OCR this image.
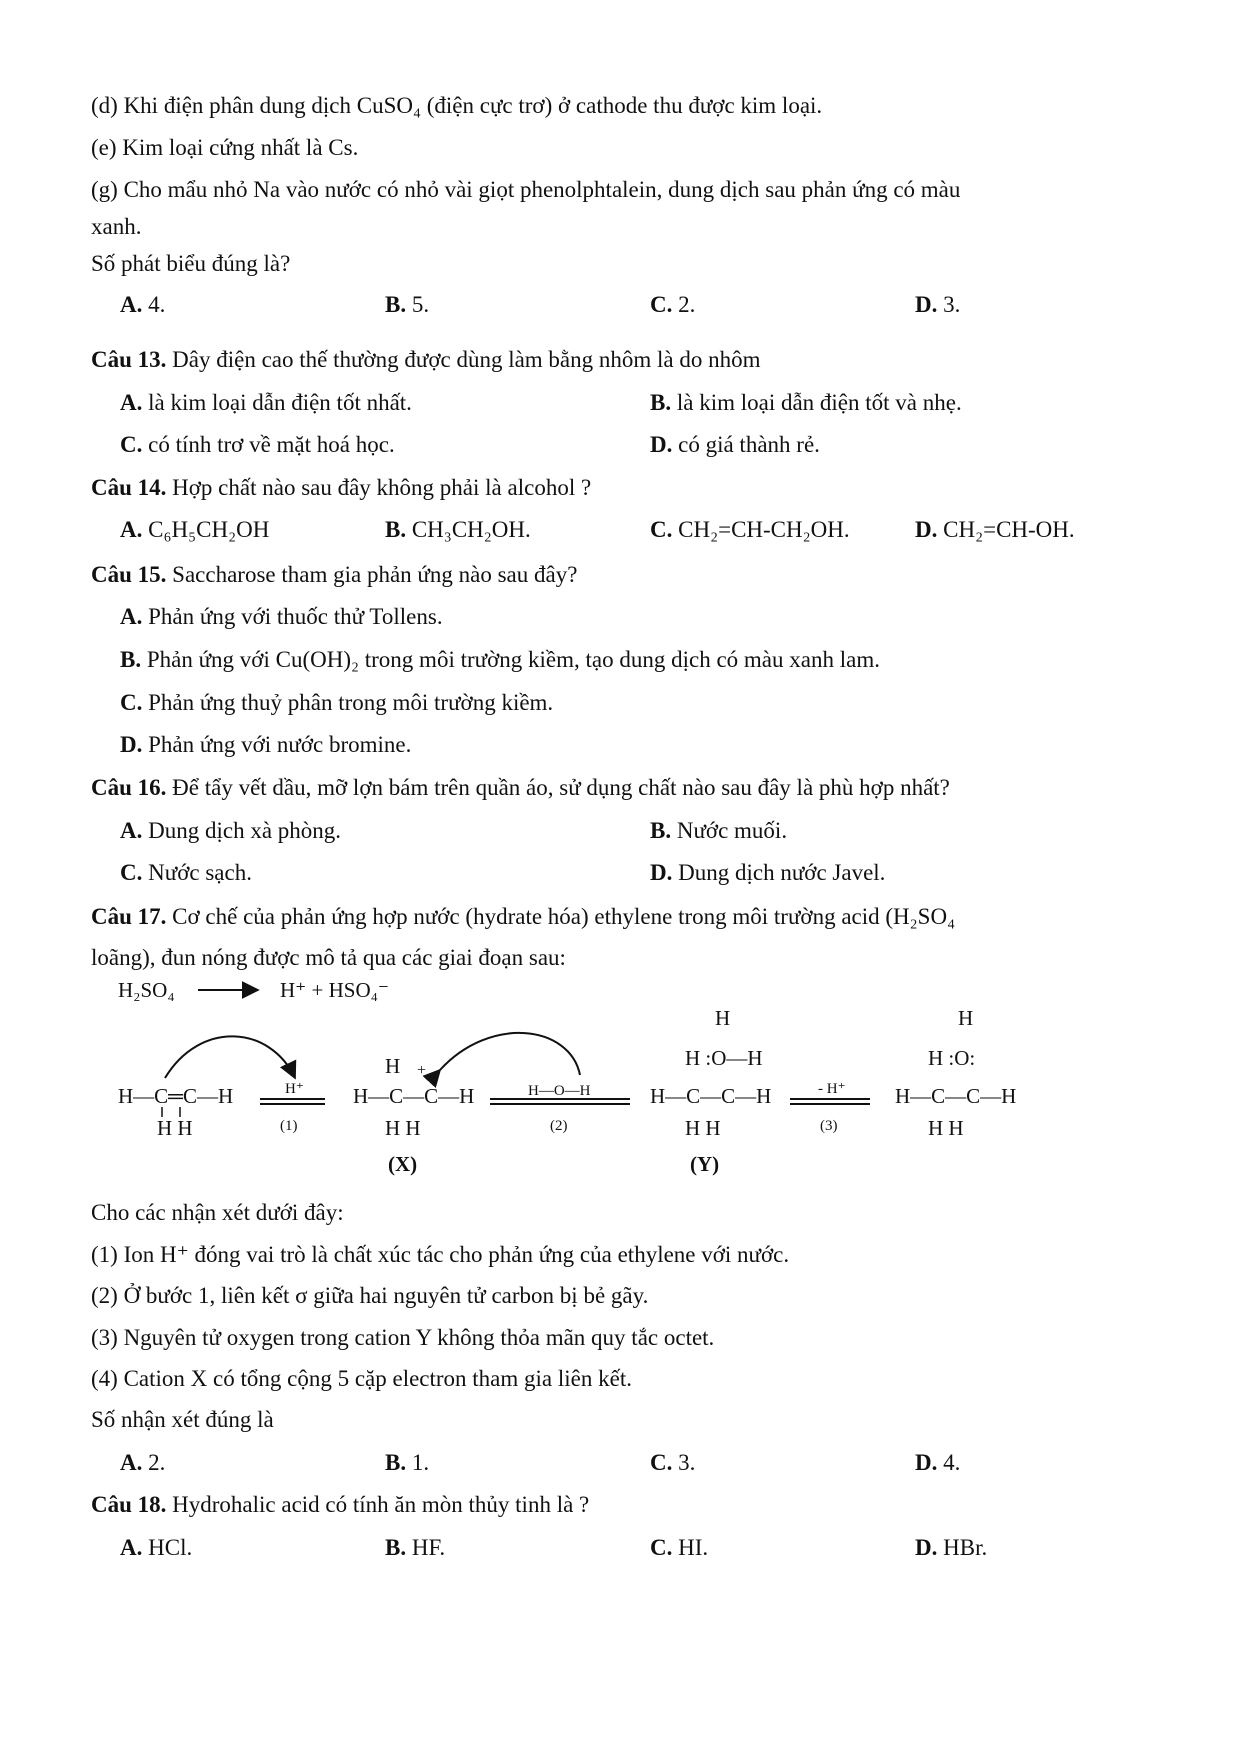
(d) Khi điện phân dung dịch CuSO₄ (điện cực trơ) ở cathode thu được kim loại.
(e) Kim loại cứng nhất là Cs.
(g) Cho mẩu nhỏ Na vào nước có nhỏ vài giọt phenolphtalein, dung dịch sau phản ứng có màu
xanh.
Số phát biểu đúng là?
A. 4.	B. 5.	C. 2.	D. 3.
Câu 13. Dây điện cao thế thường được dùng làm bằng nhôm là do nhôm
A. là kim loại dẫn điện tốt nhất.	B. là kim loại dẫn điện tốt và nhẹ.
C. có tính trơ về mặt hoá học.	D. có giá thành rẻ.
Câu 14. Hợp chất nào sau đây không phải là alcohol ?
A. C₆H₅CH₂OH	B. CH₃CH₂OH.	C. CH₂=CH-CH₂OH.	D. CH₂=CH-OH.
Câu 15. Saccharose tham gia phản ứng nào sau đây?
A. Phản ứng với thuốc thử Tollens.
B. Phản ứng với Cu(OH)₂ trong môi trường kiềm, tạo dung dịch có màu xanh lam.
C. Phản ứng thuỷ phân trong môi trường kiềm.
D. Phản ứng với nước bromine.
Câu 16. Để tẩy vết dầu, mỡ lợn bám trên quần áo, sử dụng chất nào sau đây là phù hợp nhất?
A. Dung dịch xà phòng.	B. Nước muối.
C. Nước sạch.	D. Dung dịch nước Javel.
Câu 17. Cơ chế của phản ứng hợp nước (hydrate hóa) ethylene trong môi trường acid (H₂SO₄
loãng), đun nóng được mô tả qua các giai đoạn sau:
H₂SO₄	H⁺ + HSO₄⁻
H—C═C—H
H H
H⁺
(1)
H +
H—C—C—H
H H
(X)
H—O—H
(2)
H
H :O—H
H—C—C—H
H H
(Y)
- H⁺
(3)
H
H :O:
H—C—C—H
H H
Cho các nhận xét dưới đây:
(1) Ion H⁺ đóng vai trò là chất xúc tác cho phản ứng của ethylene với nước.
(2) Ở bước 1, liên kết σ giữa hai nguyên tử carbon bị bẻ gãy.
(3) Nguyên tử oxygen trong cation Y không thỏa mãn quy tắc octet.
(4) Cation X có tổng cộng 5 cặp electron tham gia liên kết.
Số nhận xét đúng là
A. 2.	B. 1.	C. 3.	D. 4.
Câu 18. Hydrohalic acid có tính ăn mòn thủy tinh là ?
A. HCl.	B. HF.	C. HI.	D. HBr.
